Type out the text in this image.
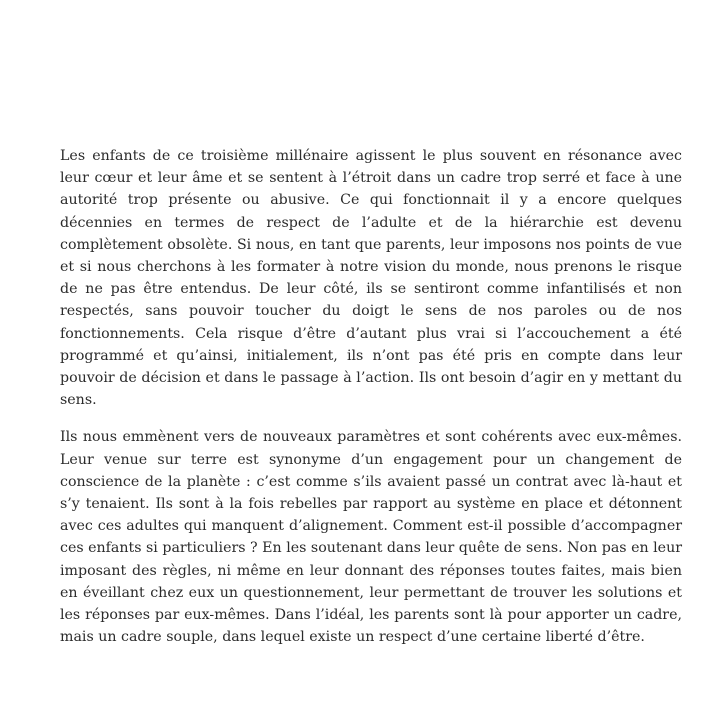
Les enfants de ce troisième millénaire agissent le plus souvent en résonance avec leur cœur et leur âme et se sentent à l’étroit dans un cadre trop serré et face à une autorité trop présente ou abusive. Ce qui fonctionnait il y a encore quelques décennies en termes de respect de l’adulte et de la hiérarchie est devenu complètement obsolète. Si nous, en tant que parents, leur imposons nos points de vue et si nous cherchons à les formater à notre vision du monde, nous prenons le risque de ne pas être entendus. De leur côté, ils se sentiront comme infantilisés et non respectés, sans pouvoir toucher du doigt le sens de nos paroles ou de nos fonctionnements. Cela risque d’être d’autant plus vrai si l’accouchement a été programmé et qu’ainsi, initialement, ils n’ont pas été pris en compte dans leur pouvoir de décision et dans le passage à l’action. Ils ont besoin d’agir en y mettant du sens.

Ils nous emmènent vers de nouveaux paramètres et sont cohérents avec eux-mêmes. Leur venue sur terre est synonyme d’un engagement pour un changement de conscience de la planète : c’est comme s’ils avaient passé un contrat avec là-haut et s’y tenaient. Ils sont à la fois rebelles par rapport au système en place et détonnent avec ces adultes qui manquent d’alignement. Comment est-il possible d’accompagner ces enfants si particuliers ? En les soutenant dans leur quête de sens. Non pas en leur imposant des règles, ni même en leur donnant des réponses toutes faites, mais bien en éveillant chez eux un questionnement, leur permettant de trouver les solutions et les réponses par eux-mêmes. Dans l’idéal, les parents sont là pour apporter un cadre, mais un cadre souple, dans lequel existe un respect d’une certaine liberté d’être.
